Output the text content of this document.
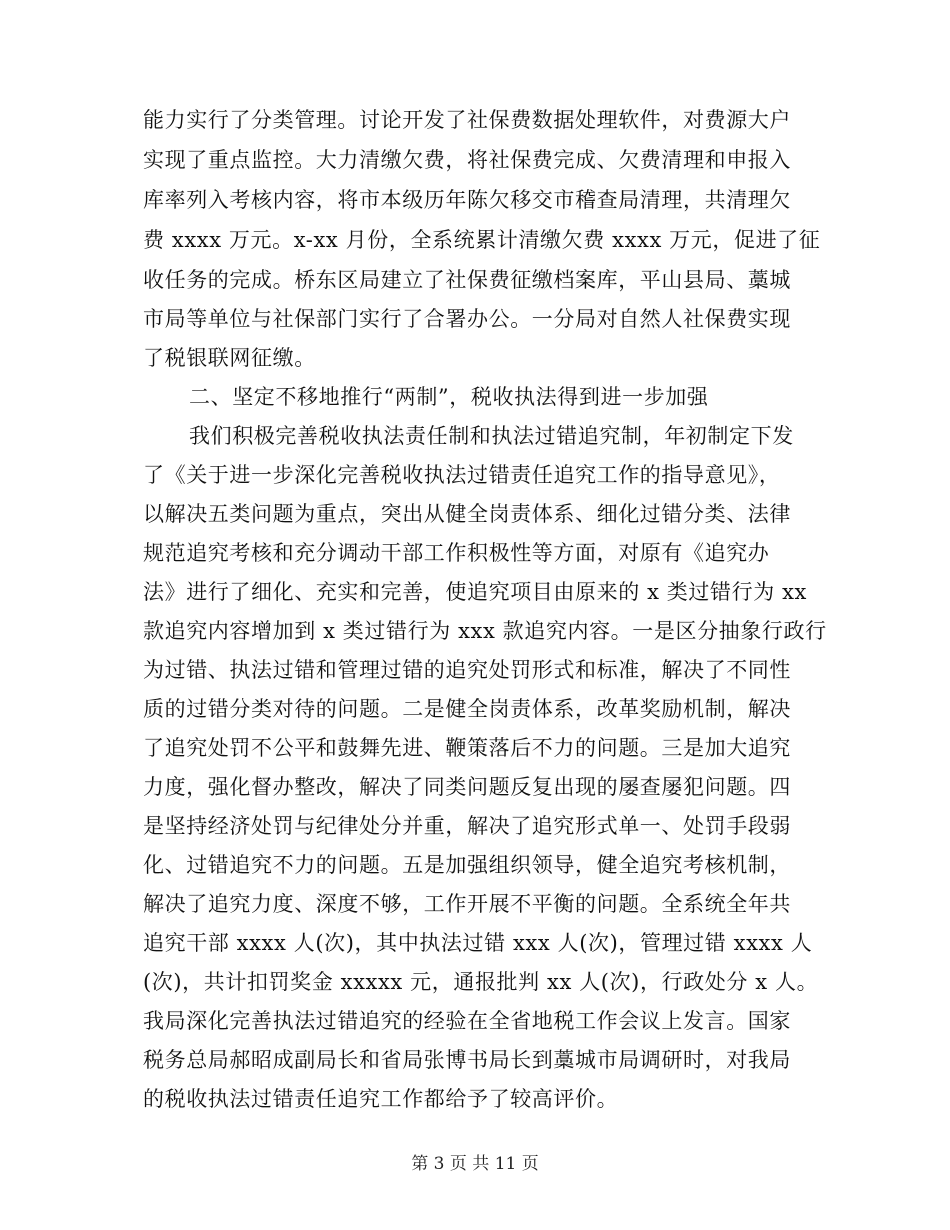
能力实行了分类管理。讨论开发了社保费数据处理软件，对费源大户
实现了重点监控。大力清缴欠费，将社保费完成、欠费清理和申报入
库率列入考核内容，将市本级历年陈欠移交市稽查局清理，共清理欠
费 xxxx 万元。x-xx 月份，全系统累计清缴欠费 xxxx 万元，促进了征
收任务的完成。桥东区局建立了社保费征缴档案库，平山县局、藁城
市局等单位与社保部门实行了合署办公。一分局对自然人社保费实现
了税银联网征缴。
二、坚定不移地推行“两制”，税收执法得到进一步加强
我们积极完善税收执法责任制和执法过错追究制，年初制定下发
了《关于进一步深化完善税收执法过错责任追究工作的指导意见》，
以解决五类问题为重点，突出从健全岗责体系、细化过错分类、法律
规范追究考核和充分调动干部工作积极性等方面，对原有《追究办
法》进行了细化、充实和完善，使追究项目由原来的 x 类过错行为 xx
款追究内容增加到 x 类过错行为 xxx 款追究内容。一是区分抽象行政行
为过错、执法过错和管理过错的追究处罚形式和标准，解决了不同性
质的过错分类对待的问题。二是健全岗责体系，改革奖励机制，解决
了追究处罚不公平和鼓舞先进、鞭策落后不力的问题。三是加大追究
力度，强化督办整改，解决了同类问题反复出现的屡查屡犯问题。四
是坚持经济处罚与纪律处分并重，解决了追究形式单一、处罚手段弱
化、过错追究不力的问题。五是加强组织领导，健全追究考核机制，
解决了追究力度、深度不够，工作开展不平衡的问题。全系统全年共
追究干部 xxxx 人(次)，其中执法过错 xxx 人(次)，管理过错 xxxx 人
(次)，共计扣罚奖金 xxxxx 元，通报批判 xx 人(次)，行政处分 x 人。
我局深化完善执法过错追究的经验在全省地税工作会议上发言。国家
税务总局郝昭成副局长和省局张博书局长到藁城市局调研时，对我局
的税收执法过错责任追究工作都给予了较高评价。
第 3 页 共 11 页
